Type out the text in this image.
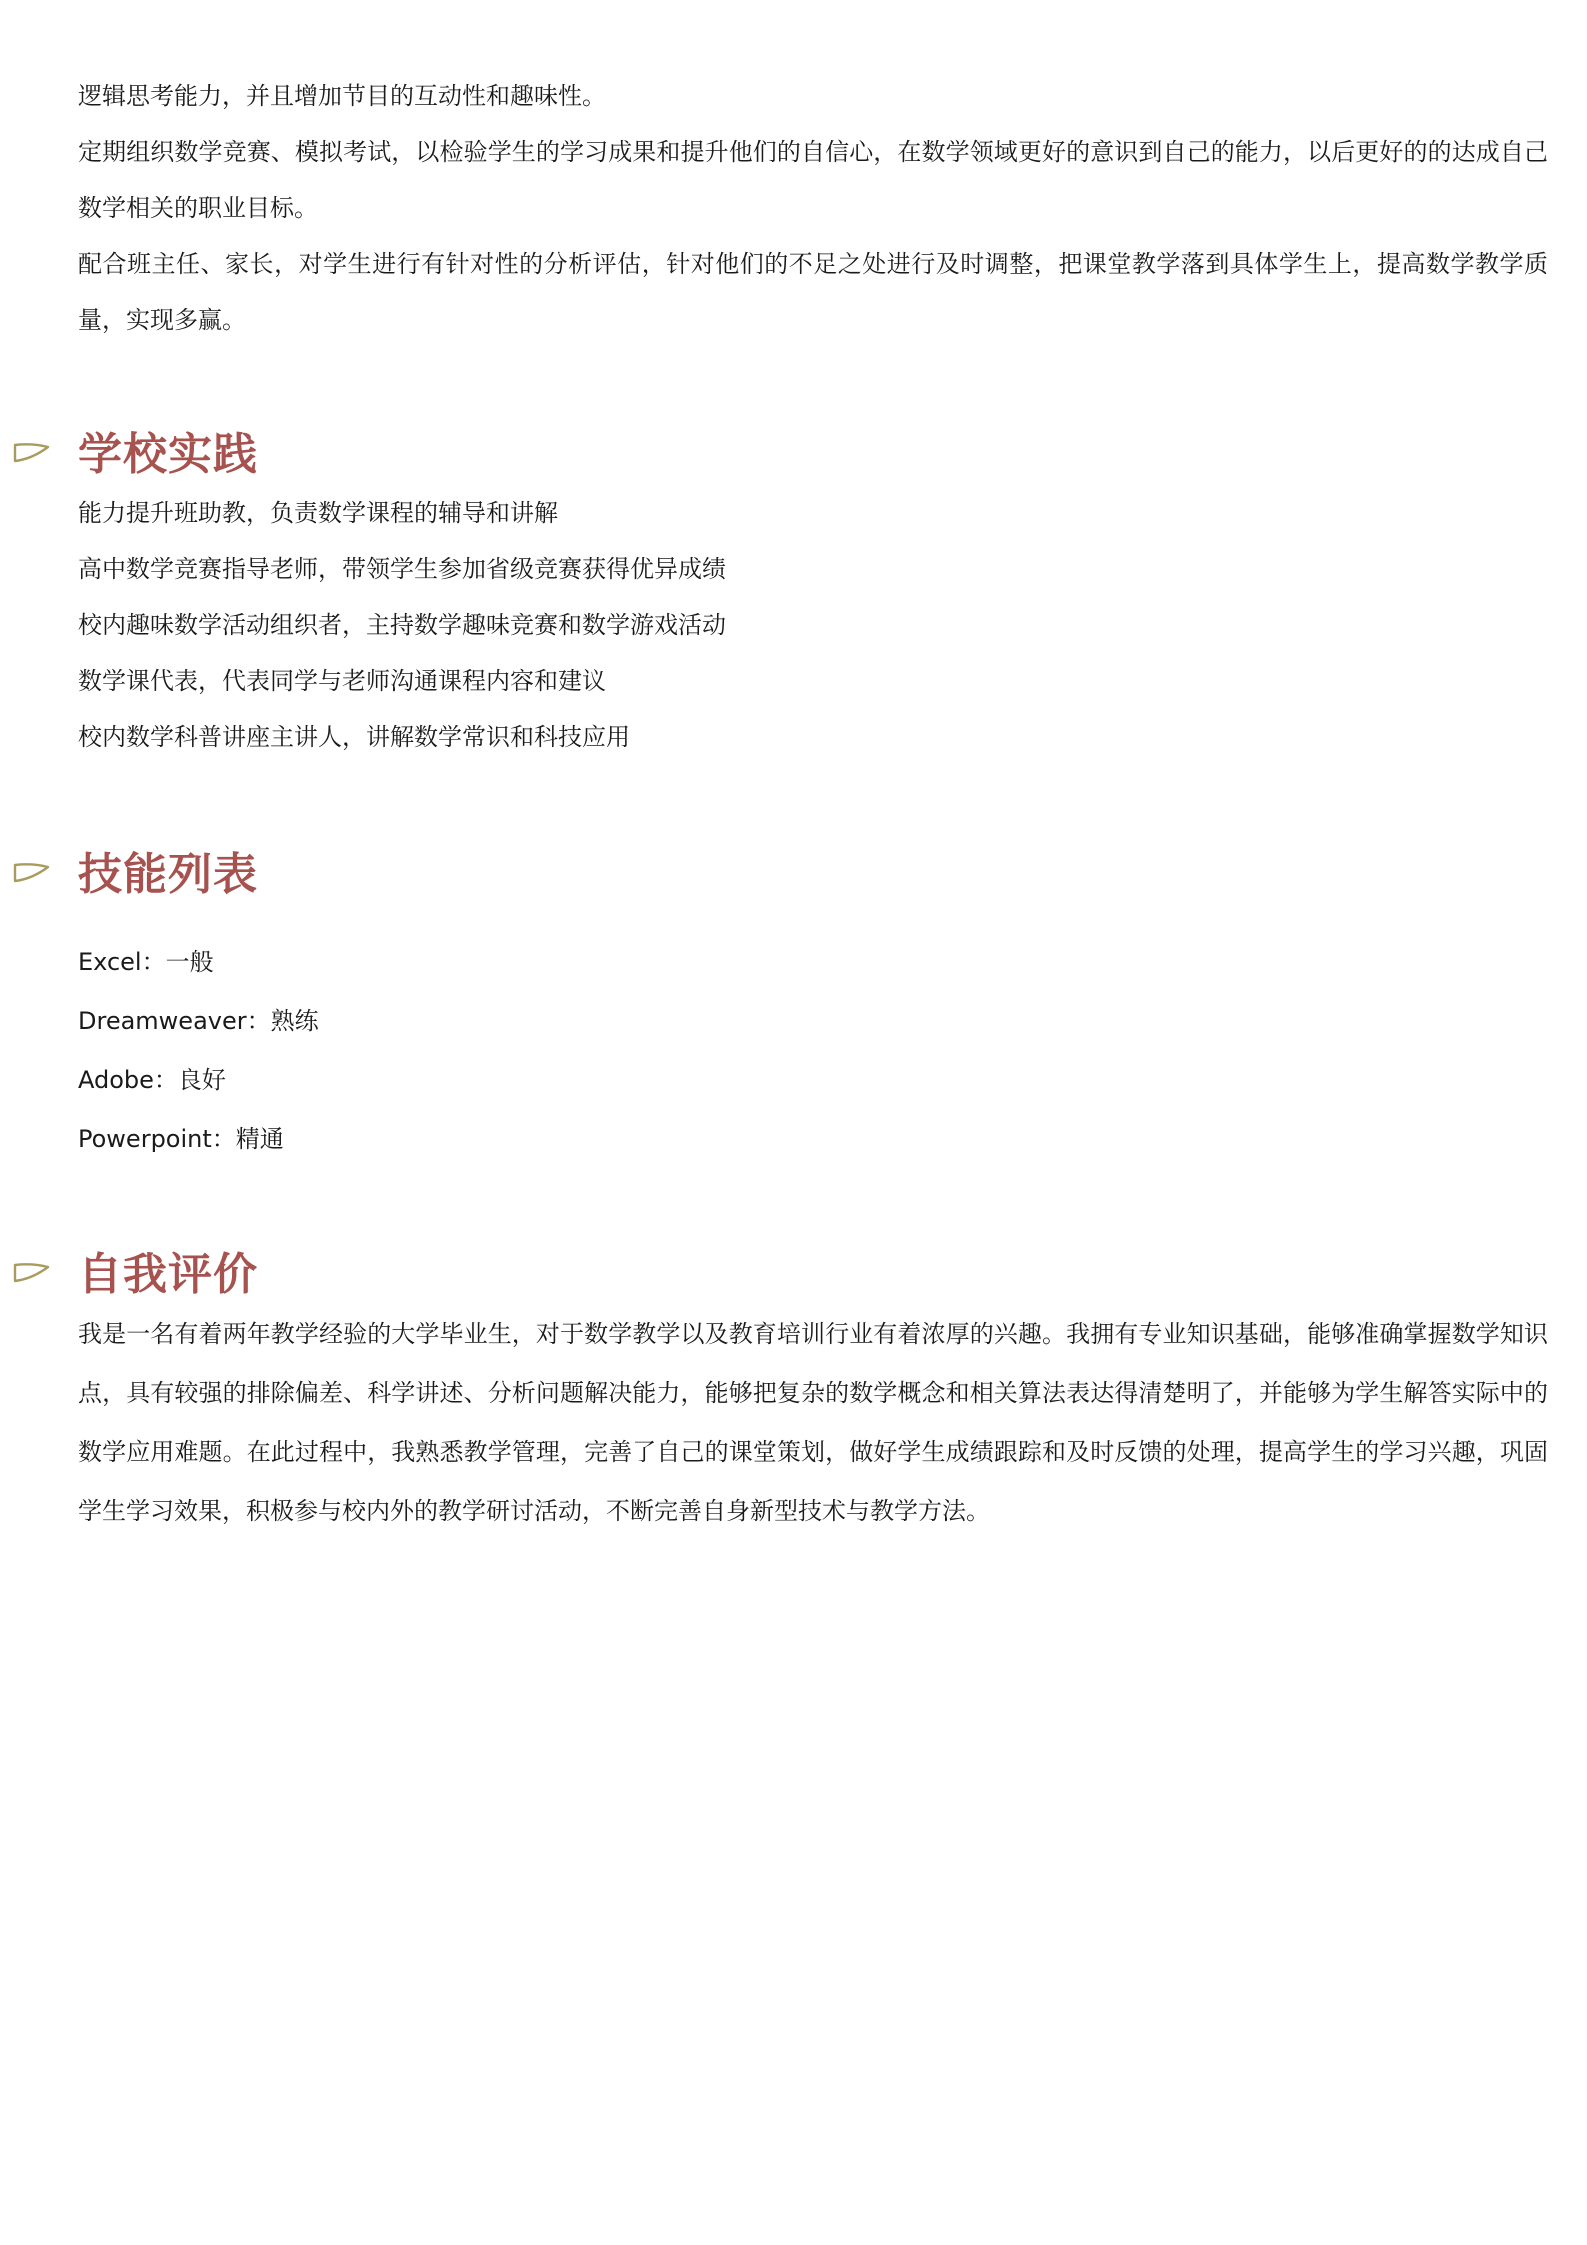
逻辑思考能力，并且增加节目的互动性和趣味性。

定期组织数学竞赛、模拟考试，以检验学生的学习成果和提升他们的自信心，在数学领域更好的意识到自己的能力，以后更好的的达成自己数学相关的职业目标。

配合班主任、家长，对学生进行有针对性的分析评估，针对他们的不足之处进行及时调整，把课堂教学落到具体学生上，提高数学教学质量，实现多赢。

学校实践
能力提升班助教，负责数学课程的辅导和讲解
高中数学竞赛指导老师，带领学生参加省级竞赛获得优异成绩
校内趣味数学活动组织者，主持数学趣味竞赛和数学游戏活动
数学课代表，代表同学与老师沟通课程内容和建议
校内数学科普讲座主讲人，讲解数学常识和科技应用
技能列表
Excel：一般
Dreamweaver：熟练
Adobe：良好
Powerpoint：精通
自我评价

我是一名有着两年教学经验的大学毕业生，对于数学教学以及教育培训行业有着浓厚的兴趣。我拥有专业知识基础，能够准确掌握数学知识点，具有较强的排除偏差、科学讲述、分析问题解决能力，能够把复杂的数学概念和相关算法表达得清楚明了，并能够为学生解答实际中的数学应用难题。在此过程中，我熟悉教学管理，完善了自己的课堂策划，做好学生成绩跟踪和及时反馈的处理，提高学生的学习兴趣，巩固学生学习效果，积极参与校内外的教学研讨活动，不断完善自身新型技术与教学方法。
